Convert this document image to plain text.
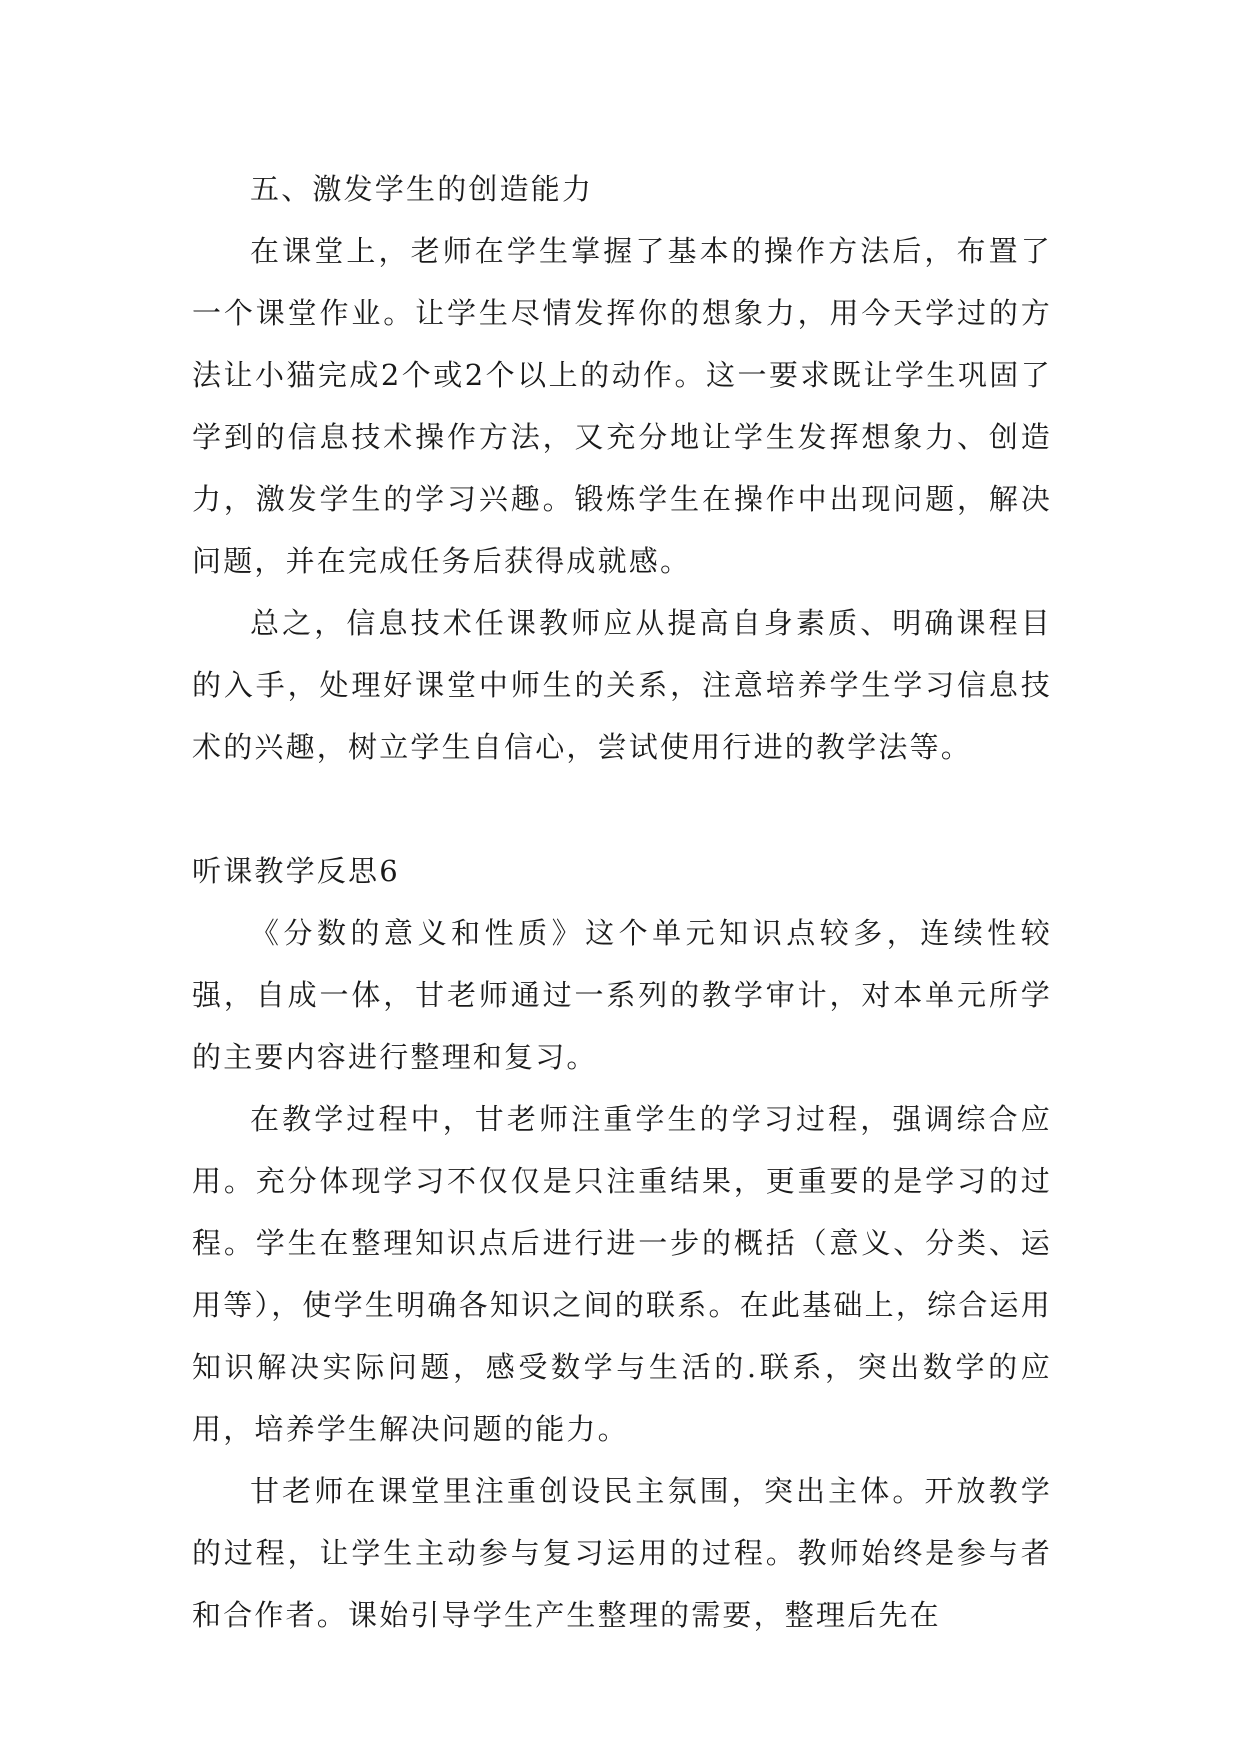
五、激发学生的创造能力

在课堂上，老师在学生掌握了基本的操作方法后，布置了一个课堂作业。让学生尽情发挥你的想象力，用今天学过的方法让小猫完成2个或2个以上的动作。这一要求既让学生巩固了学到的信息技术操作方法，又充分地让学生发挥想象力、创造力，激发学生的学习兴趣。锻炼学生在操作中出现问题，解决问题，并在完成任务后获得成就感。

总之，信息技术任课教师应从提高自身素质、明确课程目的入手，处理好课堂中师生的关系，注意培养学生学习信息技术的兴趣，树立学生自信心，尝试使用行进的教学法等。

听课教学反思6

《分数的意义和性质》这个单元知识点较多，连续性较强，自成一体，甘老师通过一系列的教学审计，对本单元所学的主要内容进行整理和复习。

在教学过程中，甘老师注重学生的学习过程，强调综合应用。充分体现学习不仅仅是只注重结果，更重要的是学习的过程。学生在整理知识点后进行进一步的概括（意义、分类、运用等），使学生明确各知识之间的联系。在此基础上，综合运用知识解决实际问题，感受数学与生活的.联系，突出数学的应用，培养学生解决问题的能力。

甘老师在课堂里注重创设民主氛围，突出主体。开放教学的过程，让学生主动参与复习运用的过程。教师始终是参与者和合作者。课始引导学生产生整理的需要，整理后先在
